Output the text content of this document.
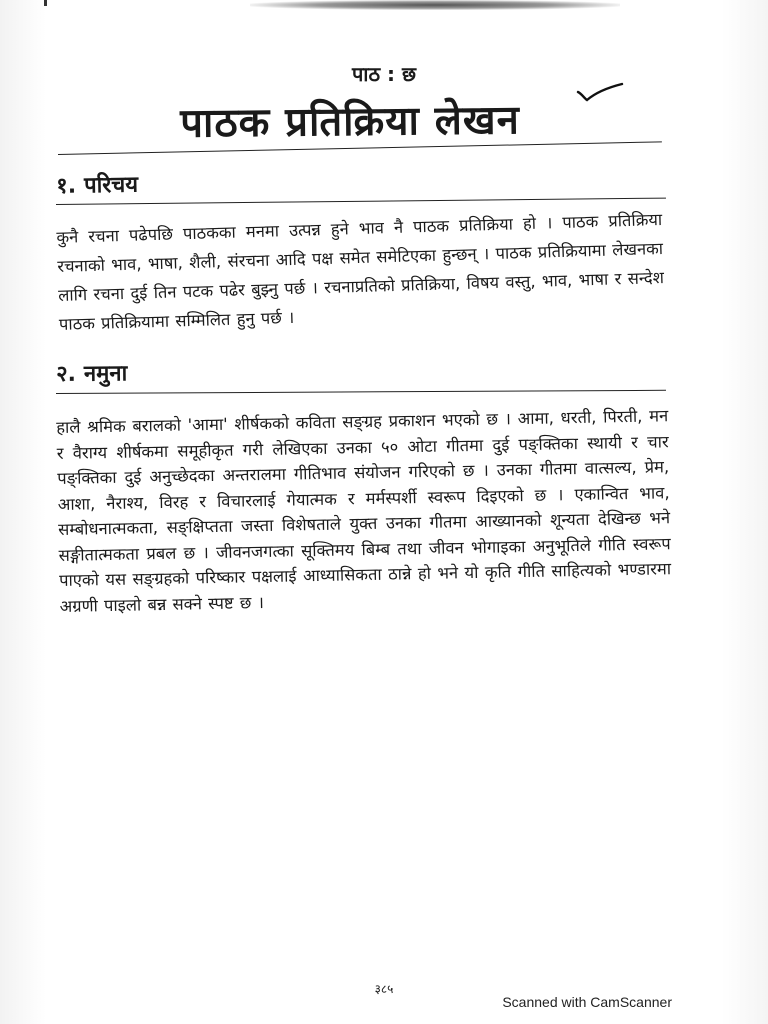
पाठ : छ
पाठक प्रतिक्रिया लेखन
१. परिचय
कुनै रचना पढेपछि पाठकका मनमा उत्पन्न हुने भाव नै पाठक प्रतिक्रिया हो । पाठक प्रतिक्रिया रचनाको भाव, भाषा, शैली, संरचना आदि पक्ष समेत समेटिएका हुन्छन् । पाठक प्रतिक्रियामा लेखनका लागि रचना दुई तिन पटक पढेर बुझ्नु पर्छ । रचनाप्रतिको प्रतिक्रिया, विषय वस्तु, भाव, भाषा र सन्देश पाठक प्रतिक्रियामा सम्मिलित हुनु पर्छ ।
२. नमुना
हालै श्रमिक बरालको 'आमा' शीर्षकको कविता सङ्ग्रह प्रकाशन भएको छ । आमा, धरती, पिरती, मन र वैराग्य शीर्षकमा समूहीकृत गरी लेखिएका उनका ५० ओटा गीतमा दुई पङ्क्तिका स्थायी र चार पङ्क्तिका दुई अनुच्छेदका अन्तरालमा गीतिभाव संयोजन गरिएको छ । उनका गीतमा वात्सल्य, प्रेम, आशा, नैराश्य, विरह र विचारलाई गेयात्मक र मर्मस्पर्शी स्वरूप दिइएको छ । एकान्वित भाव, सम्बोधनात्मकता, सङ्क्षिप्तता जस्ता विशेषताले युक्त उनका गीतमा आख्यानको शून्यता देखिन्छ भने सङ्गीतात्मकता प्रबल छ । जीवनजगत्का सूक्तिमय बिम्ब तथा जीवन भोगाइका अनुभूतिले गीति स्वरूप पाएको यस सङ्ग्रहको परिष्कार पक्षलाई आध्यासिकता ठान्ने हो भने यो कृति गीति साहित्यको भण्डारमा अग्रणी पाइलो बन्न सक्ने स्पष्ट छ ।
३८५
Scanned with CamScanner
